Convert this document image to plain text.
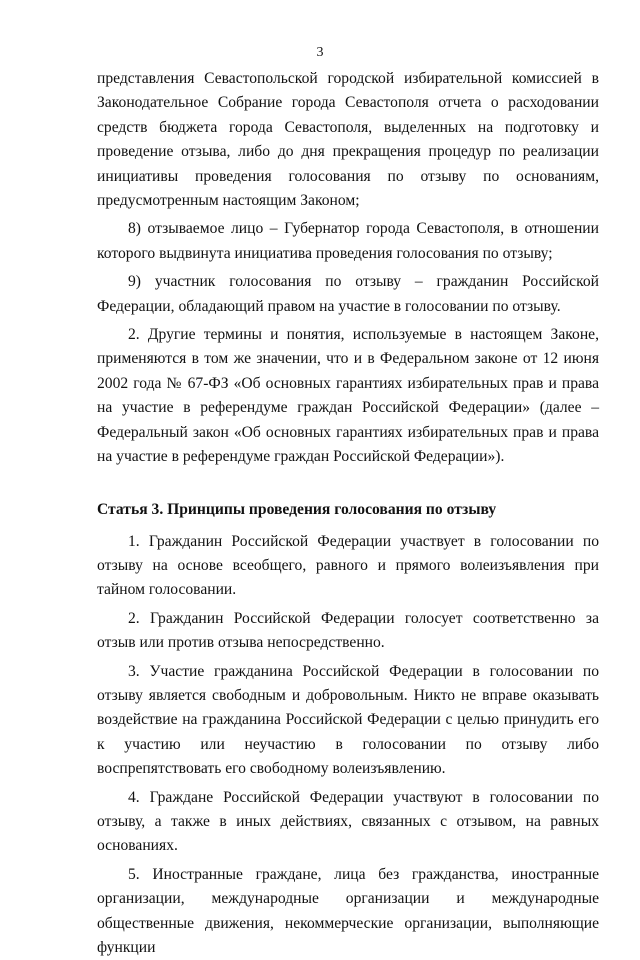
3

представления Севастопольской городской избирательной комиссией в Законодательное Собрание города Севастополя отчета о расходовании средств бюджета города Севастополя, выделенных на подготовку и проведение отзыва, либо до дня прекращения процедур по реализации инициативы проведения голосования по отзыву по основаниям, предусмотренным настоящим Законом;

8) отзываемое лицо – Губернатор города Севастополя, в отношении которого выдвинута инициатива проведения голосования по отзыву;

9) участник голосования по отзыву – гражданин Российской Федерации, обладающий правом на участие в голосовании по отзыву.

2. Другие термины и понятия, используемые в настоящем Законе, применяются в том же значении, что и в Федеральном законе от 12 июня 2002 года № 67-ФЗ «Об основных гарантиях избирательных прав и права на участие в референдуме граждан Российской Федерации» (далее – Федеральный закон «Об основных гарантиях избирательных прав и права на участие в референдуме граждан Российской Федерации»).

Статья 3. Принципы проведения голосования по отзыву

1. Гражданин Российской Федерации участвует в голосовании по отзыву на основе всеобщего, равного и прямого волеизъявления при тайном голосовании.

2. Гражданин Российской Федерации голосует соответственно за отзыв или против отзыва непосредственно.

3. Участие гражданина Российской Федерации в голосовании по отзыву является свободным и добровольным. Никто не вправе оказывать воздействие на гражданина Российской Федерации с целью принудить его к участию или неучастию в голосовании по отзыву либо воспрепятствовать его свободному волеизъявлению.

4. Граждане Российской Федерации участвуют в голосовании по отзыву, а также в иных действиях, связанных с отзывом, на равных основаниях.

5. Иностранные граждане, лица без гражданства, иностранные организации, международные организации и международные общественные движения, некоммерческие организации, выполняющие функции
